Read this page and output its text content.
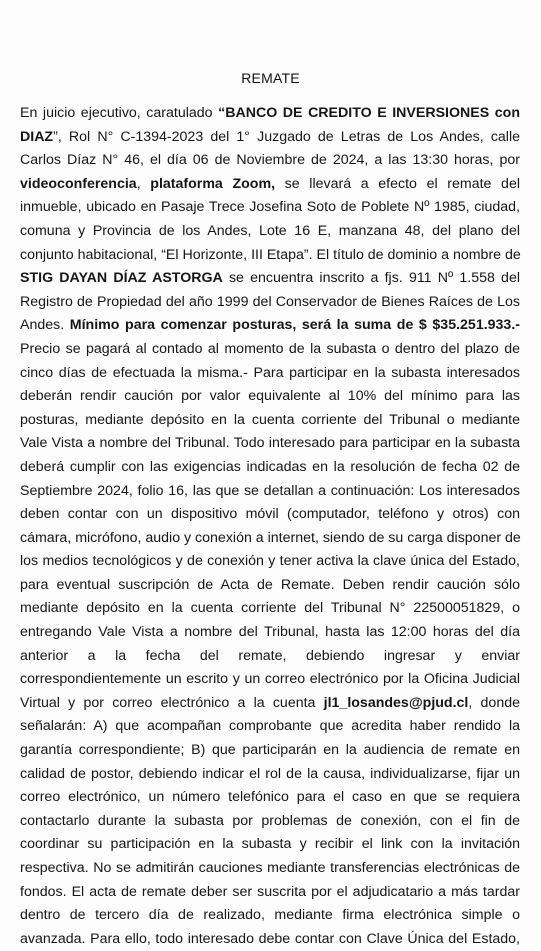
REMATE
En juicio ejecutivo, caratulado “BANCO DE CREDITO E INVERSIONES con
DIAZ”, Rol N° C-1394-2023 del 1° Juzgado de Letras de Los Andes, calle
Carlos Díaz N° 46, el día 06 de Noviembre de 2024, a las 13:30 horas, por
videoconferencia, plataforma Zoom, se llevará a efecto el remate del
inmueble, ubicado en Pasaje Trece Josefina Soto de Poblete Nº 1985, ciudad,
comuna y Provincia de los Andes, Lote 16 E, manzana 48, del plano del
conjunto habitacional, “El Horizonte, III Etapa”. El título de dominio a nombre de
STIG DAYAN DÍAZ ASTORGA se encuentra inscrito a fjs. 911 Nº 1.558 del
Registro de Propiedad del año 1999 del Conservador de Bienes Raíces de Los
Andes. Mínimo para comenzar posturas, será la suma de $ $35.251.933.-
Precio se pagará al contado al momento de la subasta o dentro del plazo de
cinco días de efectuada la misma.- Para participar en la subasta interesados
deberán rendir caución por valor equivalente al 10% del mínimo para las
posturas, mediante depósito en la cuenta corriente del Tribunal o mediante
Vale Vista a nombre del Tribunal. Todo interesado para participar en la subasta
deberá cumplir con las exigencias indicadas en la resolución de fecha 02 de
Septiembre 2024, folio 16, las que se detallan a continuación: Los interesados
deben contar con un dispositivo móvil (computador, teléfono y otros) con
cámara, micrófono, audio y conexión a internet, siendo de su carga disponer de
los medios tecnológicos y de conexión y tener activa la clave única del Estado,
para eventual suscripción de Acta de Remate. Deben rendir caución sólo
mediante depósito en la cuenta corriente del Tribunal N° 22500051829, o
entregando Vale Vista a nombre del Tribunal, hasta las 12:00 horas del día
anterior a la fecha del remate, debiendo ingresar y enviar
correspondientemente un escrito y un correo electrónico por la Oficina Judicial
Virtual y por correo electrónico a la cuenta jl1_losandes@pjud.cl, donde
señalarán: A) que acompañan comprobante que acredita haber rendido la
garantía correspondiente; B) que participarán en la audiencia de remate en
calidad de postor, debiendo indicar el rol de la causa, individualizarse, fijar un
correo electrónico, un número telefónico para el caso en que se requiera
contactarlo durante la subasta por problemas de conexión, con el fin de
coordinar su participación en la subasta y recibir el link con la invitación
respectiva. No se admitirán cauciones mediante transferencias electrónicas de
fondos. El acta de remate deber ser suscrita por el adjudicatario a más tardar
dentro de tercero día de realizado, mediante firma electrónica simple o
avanzada. Para ello, todo interesado debe contar con Clave Única del Estado,
